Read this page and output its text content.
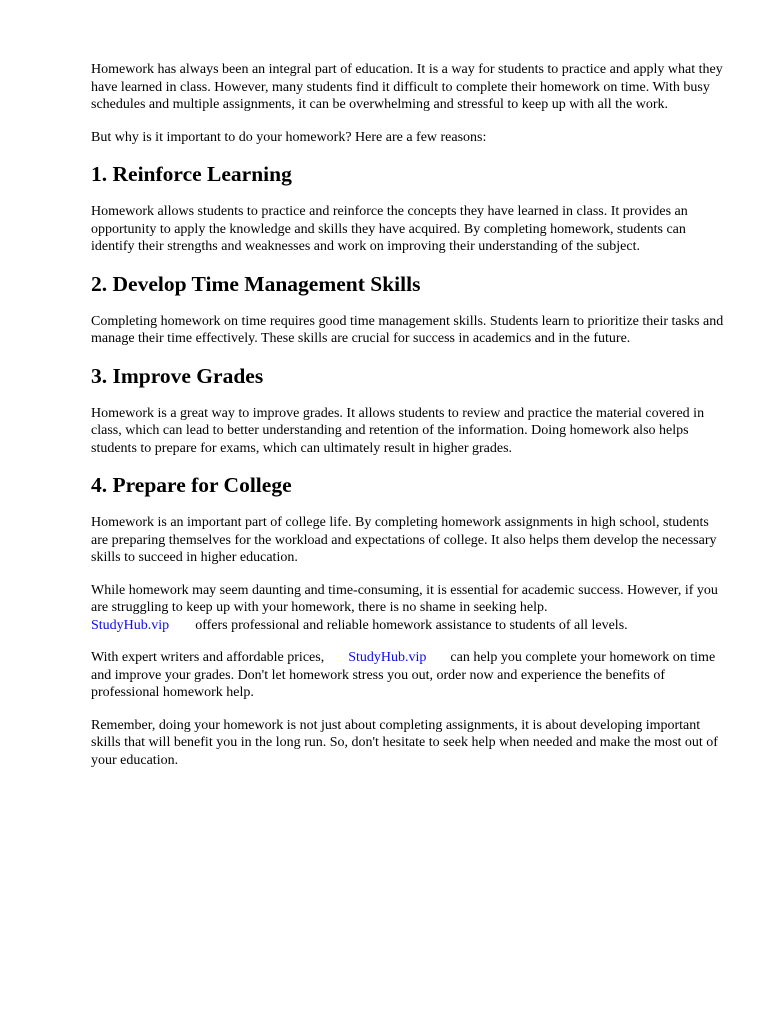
Homework has always been an integral part of education. It is a way for students to practice and apply what they have learned in class. However, many students find it difficult to complete their homework on time. With busy schedules and multiple assignments, it can be overwhelming and stressful to keep up with all the work.

But why is it important to do your homework? Here are a few reasons:

1. Reinforce Learning

Homework allows students to practice and reinforce the concepts they have learned in class. It provides an opportunity to apply the knowledge and skills they have acquired. By completing homework, students can identify their strengths and weaknesses and work on improving their understanding of the subject.

2. Develop Time Management Skills

Completing homework on time requires good time management skills. Students learn to prioritize their tasks and manage their time effectively. These skills are crucial for success in academics and in the future.

3. Improve Grades

Homework is a great way to improve grades. It allows students to review and practice the material covered in class, which can lead to better understanding and retention of the information. Doing homework also helps students to prepare for exams, which can ultimately result in higher grades.

4. Prepare for College

Homework is an important part of college life. By completing homework assignments in high school, students are preparing themselves for the workload and expectations of college. It also helps them develop the necessary skills to succeed in higher education.

While homework may seem daunting and time-consuming, it is essential for academic success. However, if you are struggling to keep up with your homework, there is no shame in seeking help.
StudyHub.vip offers professional and reliable homework assistance to students of all levels.

With expert writers and affordable prices, StudyHub.vip can help you complete your homework on time and improve your grades. Don't let homework stress you out, order now and experience the benefits of professional homework help.

Remember, doing your homework is not just about completing assignments, it is about developing important skills that will benefit you in the long run. So, don't hesitate to seek help when needed and make the most out of your education.
